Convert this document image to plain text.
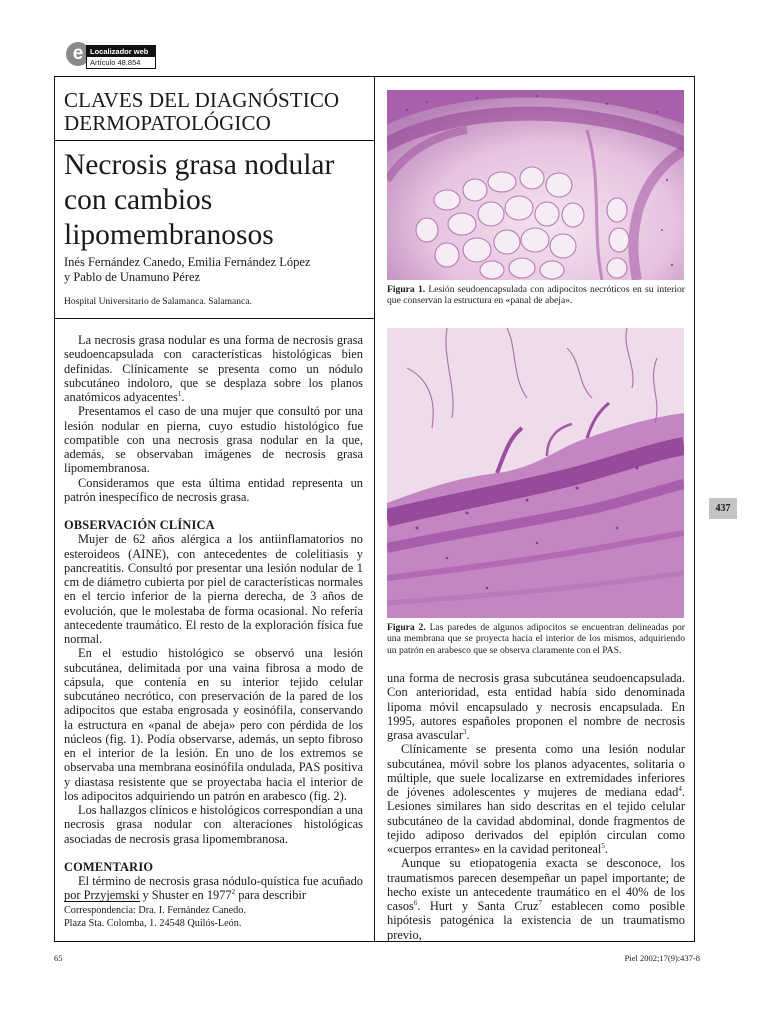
e Localizador web
Artículo 48.854
CLAVES DEL DIAGNÓSTICO DERMOPATOLÓGICO
Necrosis grasa nodular con cambios lipomembranosos
Inés Fernández Canedo, Emilia Fernández López
y Pablo de Unamuno Pérez
Hospital Universitario de Salamanca. Salamanca.

La necrosis grasa nodular es una forma de necrosis grasa seudoencapsulada con características histológicas bien definidas. Clínicamente se presenta como un nódulo subcutáneo indoloro, que se desplaza sobre los planos anatómicos adyacentes$^1$.

Presentamos el caso de una mujer que consultó por una lesión nodular en pierna, cuyo estudio histológico fue compatible con una necrosis grasa nodular en la que, además, se observaban imágenes de necrosis grasa lipomembranosa.

Consideramos que esta última entidad representa un patrón inespecífico de necrosis grasa.

OBSERVACIÓN CLÍNICA

Mujer de 62 años alérgica a los antiinflamatorios no esteroideos (AINE), con antecedentes de colelitiasis y pancreatitis. Consultó por presentar una lesión nodular de 1 cm de diámetro cubierta por piel de características normales en el tercio inferior de la pierna derecha, de 3 años de evolución, que le molestaba de forma ocasional. No refería antecedente traumático. El resto de la exploración física fue normal.

En el estudio histológico se observó una lesión subcutánea, delimitada por una vaina fibrosa a modo de cápsula, que contenía en su interior tejido celular subcutáneo necrótico, con preservación de la pared de los adipocitos que estaba engrosada y eosinófila, conservando la estructura en «panal de abeja» pero con pérdida de los núcleos (fig. 1). Podía observarse, además, un septo fibroso en el interior de la lesión. En uno de los extremos se observaba una membrana eosinófila ondulada, PAS positiva y diastasa resistente que se proyectaba hacia el interior de los adipocitos adquiriendo un patrón en arabesco (fig. 2).

Los hallazgos clínicos e histológicos correspondían a una necrosis grasa nodular con alteraciones histológicas asociadas de necrosis grasa lipomembranosa.

COMENTARIO

El término de necrosis grasa nódulo-quística fue acuñado por Przyjemski y Shuster en 1977$^2$ para describir

Correspondencia: Dra. I. Fernández Canedo.
Plaza Sta. Colomba, 1. 24548 Quilós-León.
Figura 1. Lesión seudoencapsulada con adipocitos necróticos en su interior que conservan la estructura en «panal de abeja».
Figura 2. Las paredes de algunos adipocitos se encuentran delineadas por una membrana que se proyecta hacia el interior de los mismos, adquiriendo un patrón en arabesco que se observa claramente con el PAS.

una forma de necrosis grasa subcutánea seudoencapsulada. Con anterioridad, esta entidad había sido denominada lipoma móvil encapsulado y necrosis encapsulada. En 1995, autores españoles proponen el nombre de necrosis grasa avascular$^3$.

Clínicamente se presenta como una lesión nodular subcutánea, móvil sobre los planos adyacentes, solitaria o múltiple, que suele localizarse en extremidades inferiores de jóvenes adolescentes y mujeres de mediana edad$^4$. Lesiones similares han sido descritas en el tejido celular subcutáneo de la cavidad abdominal, donde fragmentos de tejido adiposo derivados del epiplón circulan como «cuerpos errantes» en la cavidad peritoneal$^5$.

Aunque su etiopatogenia exacta se desconoce, los traumatismos parecen desempeñar un papel importante; de hecho existe un antecedente traumático en el 40% de los casos$^6$. Hurt y Santa Cruz$^7$ establecen como posible hipótesis patogénica la existencia de un traumatismo previo,

437
65	Piel 2002;17(9):437-8
